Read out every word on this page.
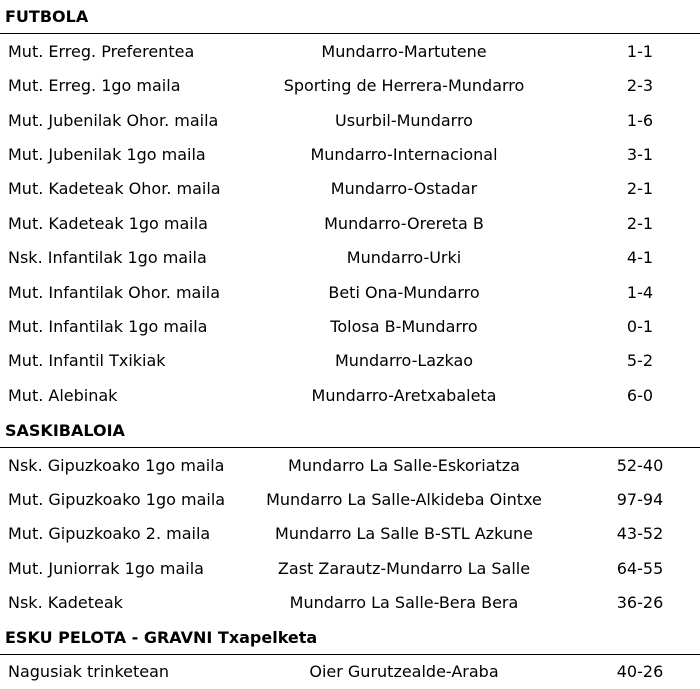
FUTBOLA
Mut. Erreg. Preferentea	Mundarro-Martutene	1-1
Mut. Erreg. 1go maila	Sporting de Herrera-Mundarro	2-3
Mut. Jubenilak Ohor. maila	Usurbil-Mundarro	1-6
Mut. Jubenilak 1go maila	Mundarro-Internacional	3-1
Mut. Kadeteak Ohor. maila	Mundarro-Ostadar	2-1
Mut. Kadeteak 1go maila	Mundarro-Orereta B	2-1
Nsk. Infantilak 1go maila	Mundarro-Urki	4-1
Mut. Infantilak Ohor. maila	Beti Ona-Mundarro	1-4
Mut. Infantilak 1go maila	Tolosa B-Mundarro	0-1
Mut. Infantil Txikiak	Mundarro-Lazkao	5-2
Mut. Alebinak	Mundarro-Aretxabaleta	6-0
SASKIBALOIA
Nsk. Gipuzkoako 1go maila	Mundarro La Salle-Eskoriatza	52-40
Mut. Gipuzkoako 1go maila	Mundarro La Salle-Alkideba Ointxe	97-94
Mut. Gipuzkoako 2. maila	Mundarro La Salle B-STL Azkune	43-52
Mut. Juniorrak 1go maila	Zast Zarautz-Mundarro La Salle	64-55
Nsk. Kadeteak	Mundarro La Salle-Bera Bera	36-26
ESKU PELOTA - GRAVNI Txapelketa
Nagusiak trinketean	Oier Gurutzealde-Araba	40-26
